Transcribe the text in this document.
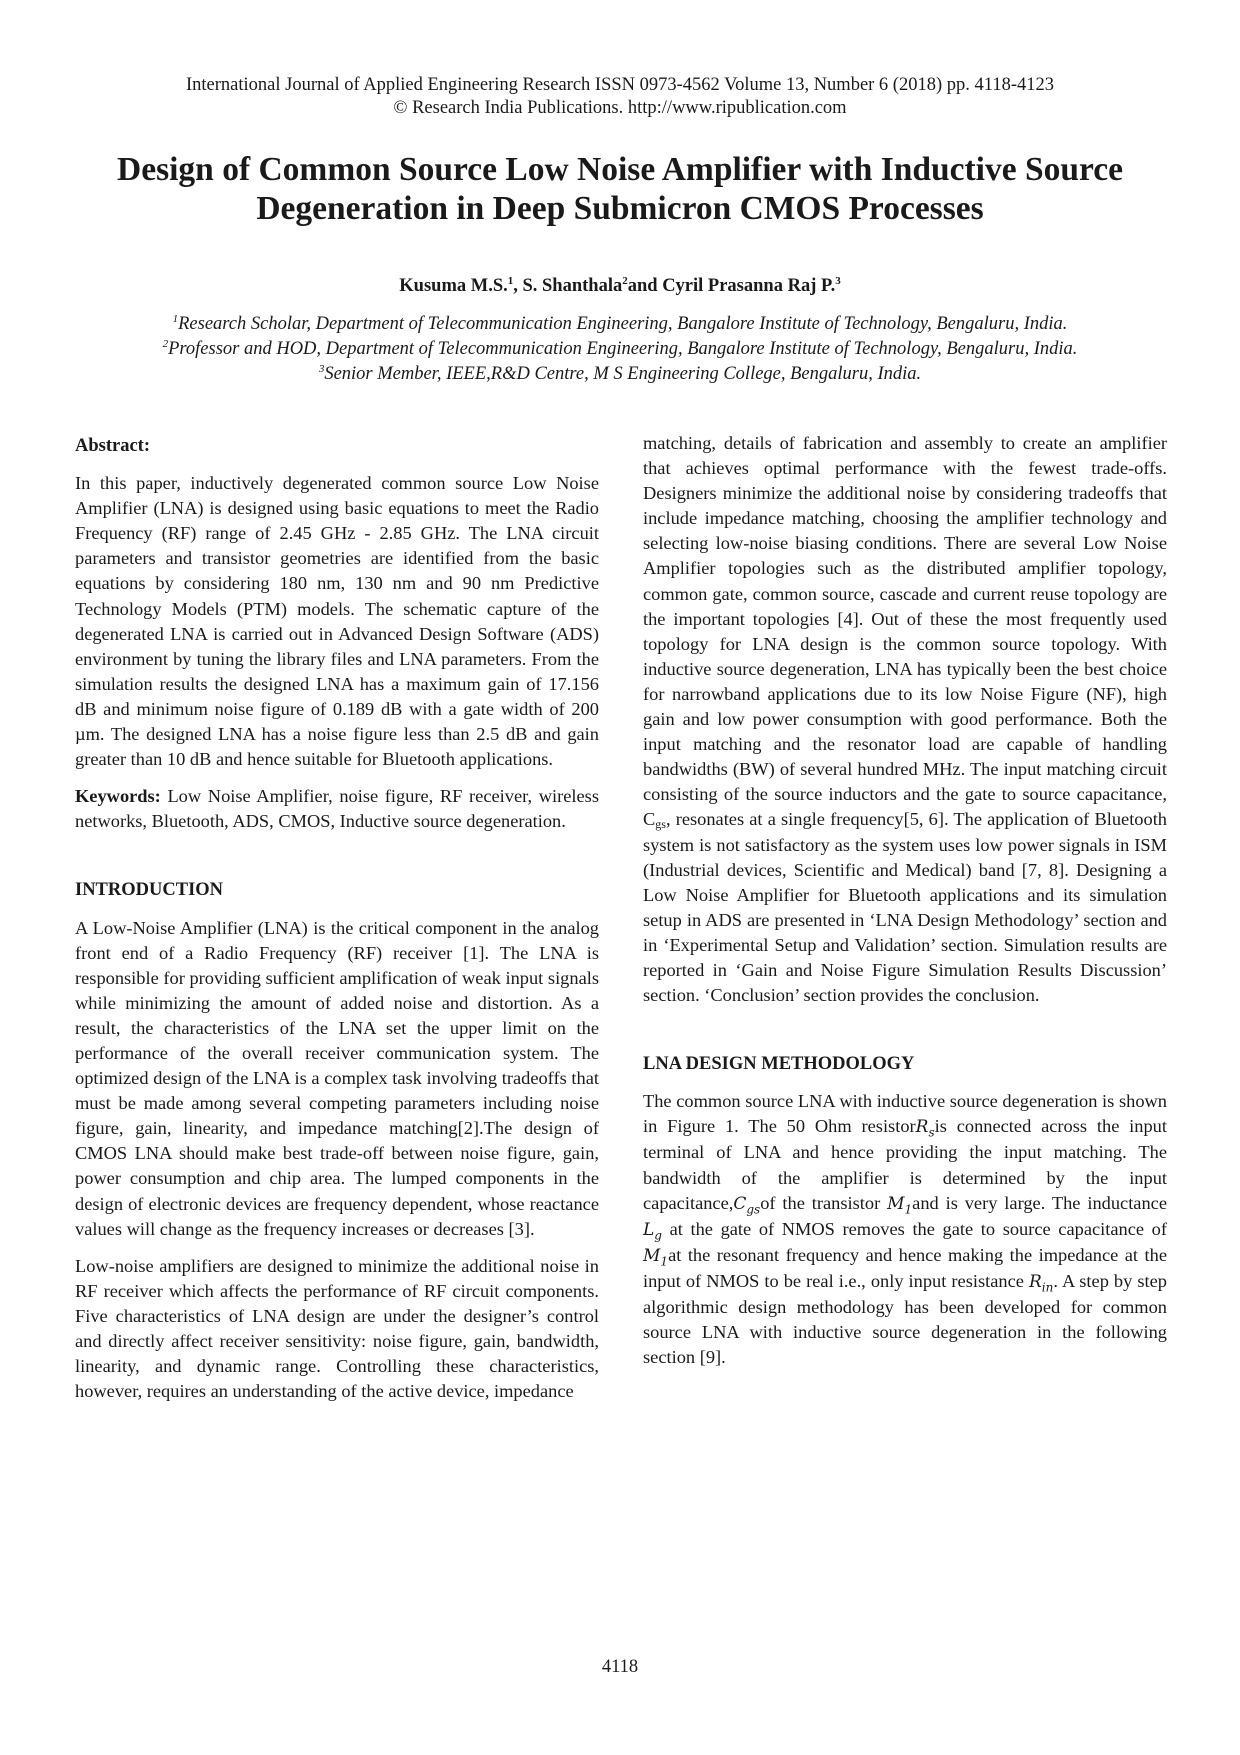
International Journal of Applied Engineering Research ISSN 0973-4562 Volume 13, Number 6 (2018) pp. 4118-4123
© Research India Publications. http://www.ripublication.com
Design of Common Source Low Noise Amplifier with Inductive Source
Degeneration in Deep Submicron CMOS Processes
Kusuma M.S.$^1$, S. Shanthala$^2$and Cyril Prasanna Raj P.$^3$
$^1$Research Scholar, Department of Telecommunication Engineering, Bangalore Institute of Technology, Bengaluru, India.
$^2$Professor and HOD, Department of Telecommunication Engineering, Bangalore Institute of Technology, Bengaluru, India.
$^3$Senior Member, IEEE,R&D Centre, M S Engineering College, Bengaluru, India.

Abstract:

In this paper, inductively degenerated common source Low Noise Amplifier (LNA) is designed using basic equations to meet the Radio Frequency (RF) range of 2.45 GHz - 2.85 GHz. The LNA circuit parameters and transistor geometries are identified from the basic equations by considering 180 nm, 130 nm and 90 nm Predictive Technology Models (PTM) models. The schematic capture of the degenerated LNA is carried out in Advanced Design Software (ADS) environment by tuning the library files and LNA parameters. From the simulation results the designed LNA has a maximum gain of 17.156 dB and minimum noise figure of 0.189 dB with a gate width of 200 µm. The designed LNA has a noise figure less than 2.5 dB and gain greater than 10 dB and hence suitable for Bluetooth applications.

Keywords: Low Noise Amplifier, noise figure, RF receiver, wireless networks, Bluetooth, ADS, CMOS, Inductive source degeneration.

INTRODUCTION

A Low-Noise Amplifier (LNA) is the critical component in the analog front end of a Radio Frequency (RF) receiver [1]. The LNA is responsible for providing sufficient amplification of weak input signals while minimizing the amount of added noise and distortion. As a result, the characteristics of the LNA set the upper limit on the performance of the overall receiver communication system. The optimized design of the LNA is a complex task involving tradeoffs that must be made among several competing parameters including noise figure, gain, linearity, and impedance matching[2].The design of CMOS LNA should make best trade-off between noise figure, gain, power consumption and chip area. The lumped components in the design of electronic devices are frequency dependent, whose reactance values will change as the frequency increases or decreases [3].

Low-noise amplifiers are designed to minimize the additional noise in RF receiver which affects the performance of RF circuit components. Five characteristics of LNA design are under the designer’s control and directly affect receiver sensitivity: noise figure, gain, bandwidth, linearity, and dynamic range. Controlling these characteristics, however, requires an understanding of the active device, impedance

matching, details of fabrication and assembly to create an amplifier that achieves optimal performance with the fewest trade-offs. Designers minimize the additional noise by considering tradeoffs that include impedance matching, choosing the amplifier technology and selecting low-noise biasing conditions. There are several Low Noise Amplifier topologies such as the distributed amplifier topology, common gate, common source, cascade and current reuse topology are the important topologies [4]. Out of these the most frequently used topology for LNA design is the common source topology. With inductive source degeneration, LNA has typically been the best choice for narrowband applications due to its low Noise Figure (NF), high gain and low power consumption with good performance. Both the input matching and the resonator load are capable of handling bandwidths (BW) of several hundred MHz. The input matching circuit consisting of the source inductors and the gate to source capacitance, Cgs, resonates at a single frequency[5, 6]. The application of Bluetooth system is not satisfactory as the system uses low power signals in ISM (Industrial devices, Scientific and Medical) band [7, 8]. Designing a Low Noise Amplifier for Bluetooth applications and its simulation setup in ADS are presented in ‘LNA Design Methodology’ section and in ‘Experimental Setup and Validation’ section. Simulation results are reported in ‘Gain and Noise Figure Simulation Results Discussion’ section. ‘Conclusion’ section provides the conclusion.

LNA DESIGN METHODOLOGY

The common source LNA with inductive source degeneration is shown in Figure 1. The 50 Ohm resistorR$_s$is connected across the input terminal of LNA and hence providing the input matching. The bandwidth of the amplifier is determined by the input $capacitance,C_{gs}of$ the transistor $M_1and$ is very large. The inductance $L_g$ at the gate of NMOS removes the gate to source capacitance of $M_1at$ the resonant frequency and hence making the impedance at the input of NMOS to be real i.e., only input resistance $R_{in}$. A step by step algorithmic design methodology has been developed for common source LNA with inductive source degeneration in the following section [9].

4118
